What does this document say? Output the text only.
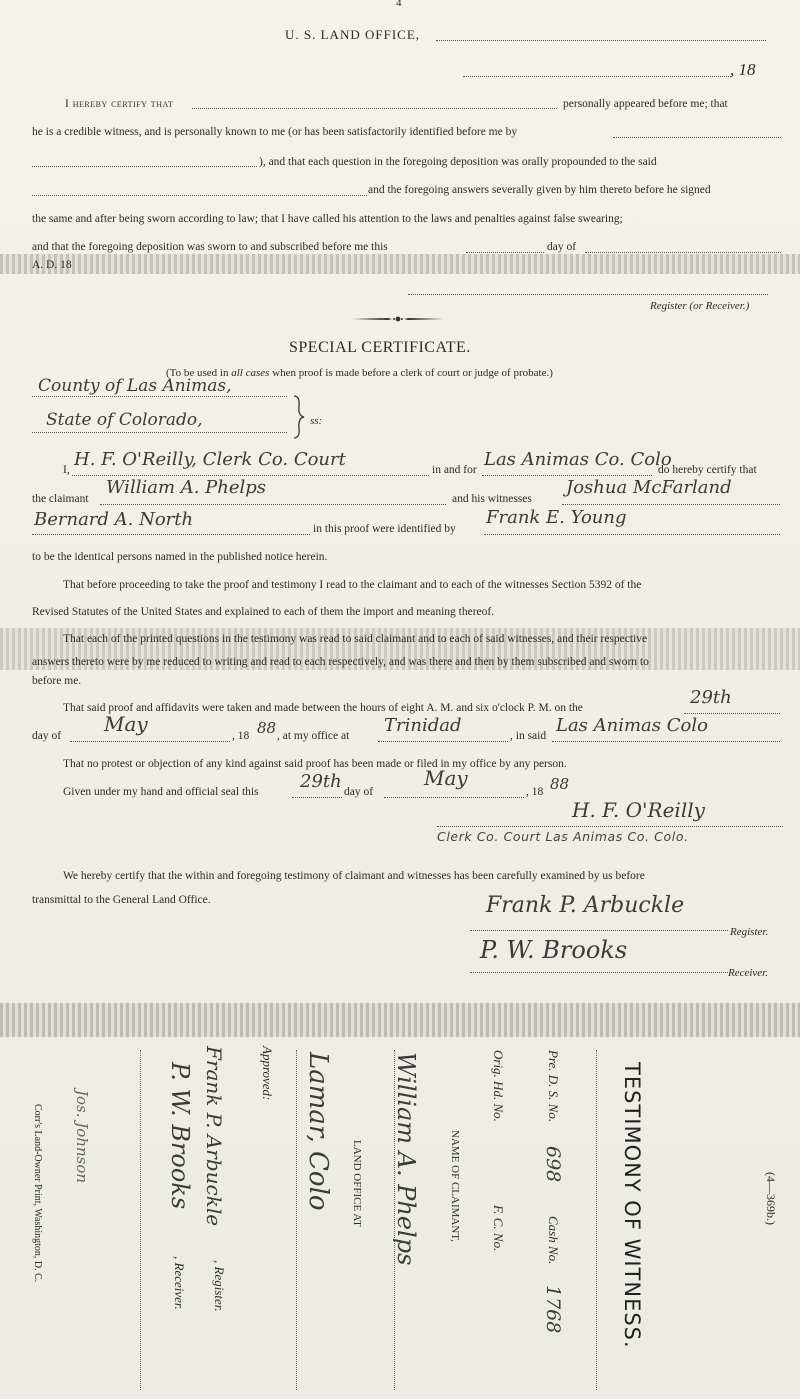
4
U. S. LAND OFFICE,
, 18
I hereby certify that	personally appeared before me; that
he is a credible witness, and is personally known to me (or has been satisfactorily identified before me by
), and that each question in the foregoing deposition was orally propounded to the said
and the foregoing answers severally given by him thereto before he signed
the same and after being sworn according to law; that I have called his attention to the laws and penalties against false swearing;
and that the foregoing deposition was sworn to and subscribed before me this	day of
A. D. 18
Register (or Receiver.)
SPECIAL CERTIFICATE.
(To be used in all cases when proof is made before a clerk of court or judge of probate.)
County of Las Animas,
State of Colorado,	ss:
I, H. F. O'Reilly, Clerk Co. Court	in and for Las Animas Co. Colo
do hereby certify that
the claimant
William A. Phelps
and his witnesses
Joshua McFarland
Bernard A. North	in this proof were identified by
Frank E. Young
to be the identical persons named in the published notice herein.
That before proceeding to take the proof and testimony I read to the claimant and to each of the witnesses Section 5392 of the
Revised Statutes of the United States and explained to each of them the import and meaning thereof.
That each of the printed questions in the testimony was read to said claimant and to each of said witnesses, and their respective
answers thereto were by me reduced to writing and read to each respectively, and was there and then by them subscribed and sworn to
before me.
That said proof and affidavits were taken and made between the hours of eight A. M. and six o'clock P. M. on the	29th
day of May	, 18 88 , at my office at Trinidad	, in said Las Animas Colo
That no protest or objection of any kind against said proof has been made or filed in my office by any person.
Given under my hand and official seal this 29th day of
May
, 18 88
H. F. O'Reilly
Clerk Co. Court Las Animas Co. Colo.
We hereby certify that the within and foregoing testimony of claimant and witnesses has been carefully examined by us before
transmittal to the General Land Office.	Frank P. Arbuckle
Register.
P. W. Brooks
Receiver.
(4—369b.)
TESTIMONY OF WITNESS.
Pre. D. S. No.
698
Cash No.
1768
Orig. Hd. No.
F. C. No.
NAME OF CLAIMANT,
William A. Phelps
LAND OFFICE AT
Lamar, Colo
Approved:
Frank P. Arbuckle
, Register.
P. W. Brooks
, Receiver.
Jos. Johnson
Corr's Land-Owner Print, Washington, D. C.
